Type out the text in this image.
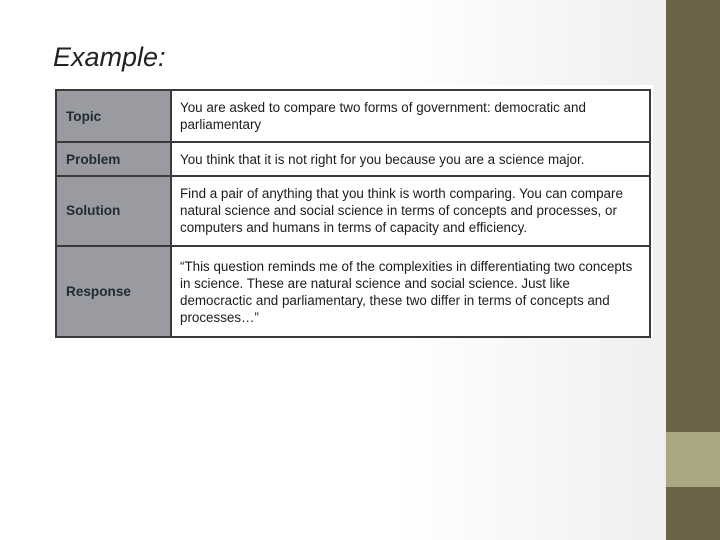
Example:
Topic	You are asked to compare two forms of government: democratic and parliamentary
Problem	You think that it is not right for you because you are a science major.
Solution	Find a pair of anything that you think is worth comparing. You can compare natural science and social science in terms of concepts and processes, or computers and humans in terms of capacity and efficiency.
Response	“This question reminds me of the complexities in differentiating two concepts in science. These are natural science and social science. Just like democractic and parliamentary, these two differ in terms of concepts and processes…”
